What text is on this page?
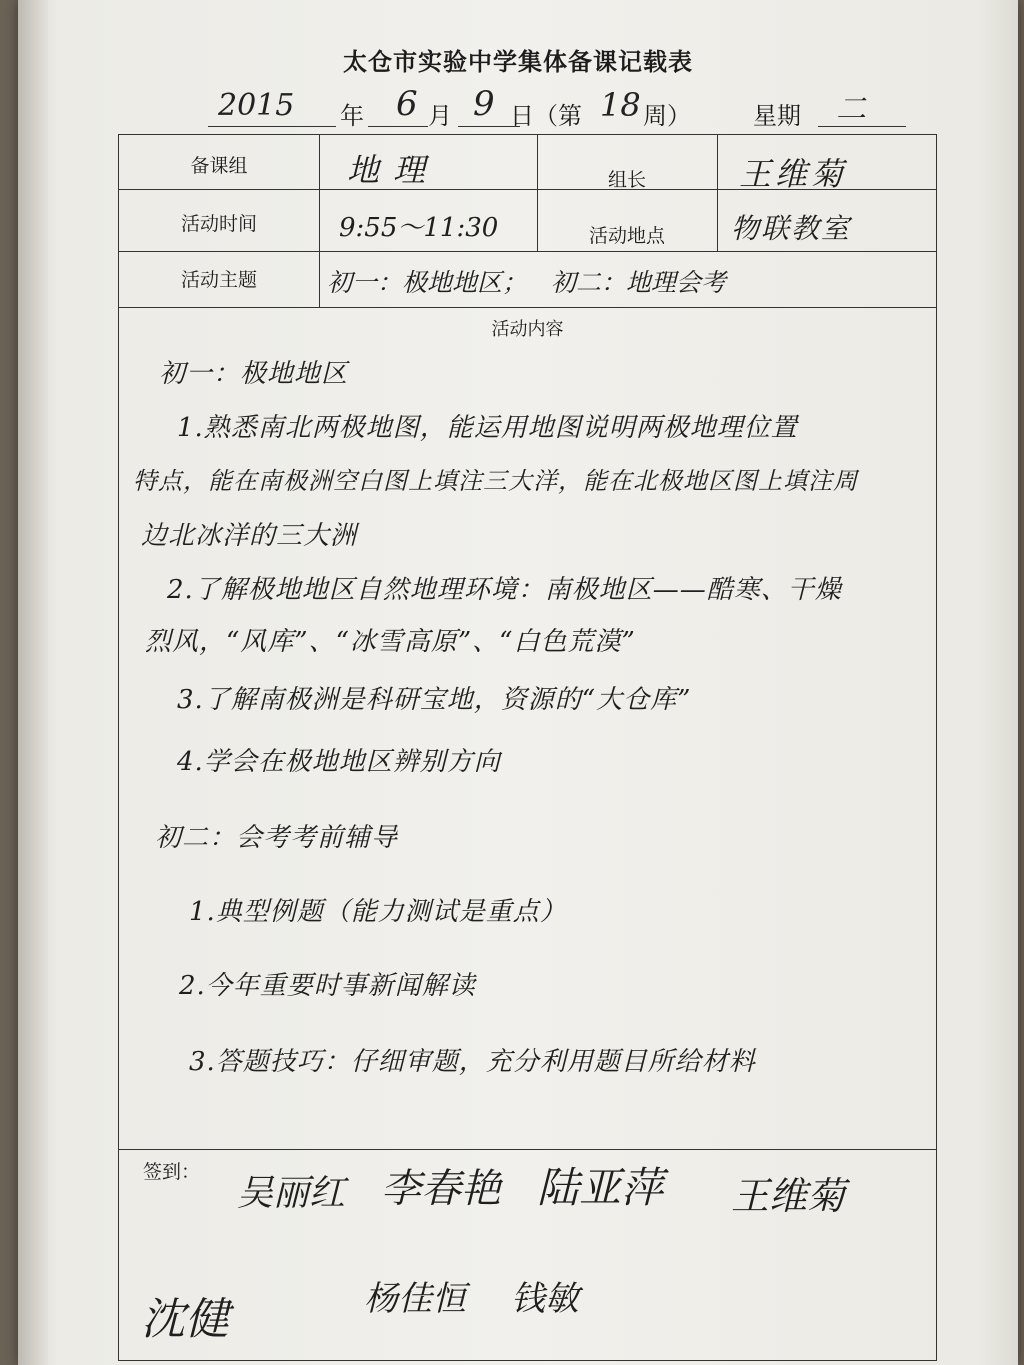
太仓市实验中学集体备课记载表
2015 年 6 月 9 日（第 18 周）	星期 二
备课组	地理	组长	王维菊
活动时间	9:55～11:30	活动地点	物联教室
活动主题	初一：极地地区；   初二：地理会考
活动内容
初一：极地地区
1.熟悉南北两极地图，能运用地图说明两极地理位置
特点，能在南极洲空白图上填注三大洋，能在北极地区图上填注周
边北冰洋的三大洲
2.了解极地地区自然地理环境：南极地区——酷寒、干燥
烈风，“风库”、“冰雪高原”、“白色荒漠”
3.了解南极洲是科研宝地，资源的“大仓库”
4.学会在极地地区辨别方向
初二：会考考前辅导
1.典型例题（能力测试是重点）
2.今年重要时事新闻解读
3.答题技巧：仔细审题，充分利用题目所给材料
签到：
吴丽红 李春艳 陆亚萍 王维菊
沈健	杨佳恒 钱敏
